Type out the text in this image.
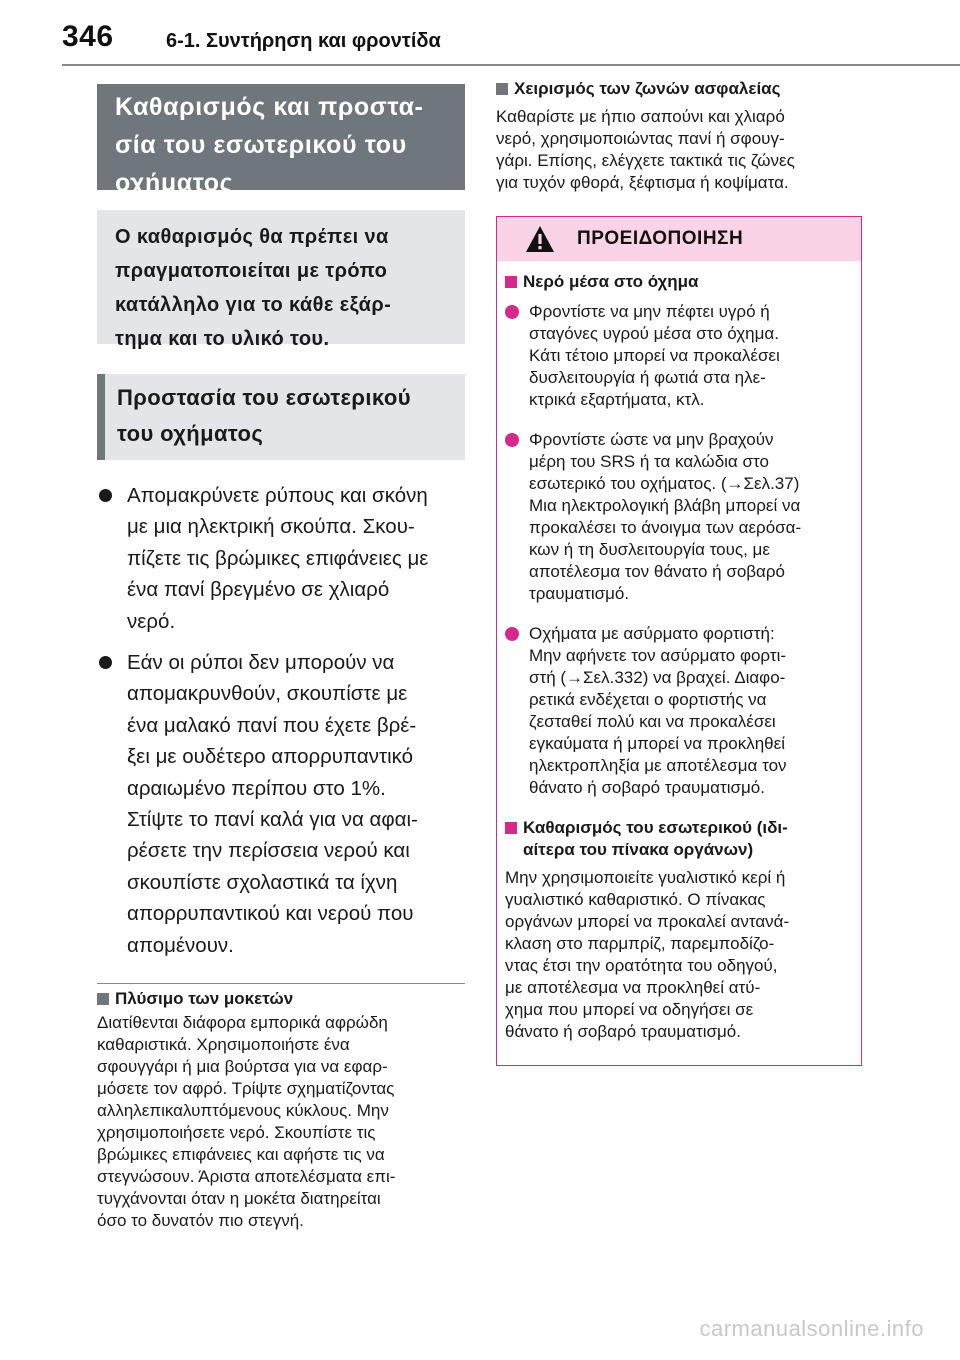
346	6-1. Συντήρηση και φροντίδα
Καθαρισμός και προστα-
σία του εσωτερικού του
οχήματος
Ο καθαρισμός θα πρέπει να
πραγματοποιείται με τρόπο
κατάλληλο για το κάθε εξάρ-
τημα και το υλικό του.
Προστασία του εσωτερικού
του οχήματος
Απομακρύνετε ρύπους και σκόνη
με μια ηλεκτρική σκούπα. Σκου-
πίζετε τις βρώμικες επιφάνειες με
ένα πανί βρεγμένο σε χλιαρό
νερό.
Εάν οι ρύποι δεν μπορούν να
απομακρυνθούν, σκουπίστε με
ένα μαλακό πανί που έχετε βρέ-
ξει με ουδέτερο απορρυπαντικό
αραιωμένο περίπου στο 1%.
Στίψτε το πανί καλά για να αφαι-
ρέσετε την περίσσεια νερού και
σκουπίστε σχολαστικά τα ίχνη
απορρυπαντικού και νερού που
απομένουν.
Πλύσιμο των μοκετών
Διατίθενται διάφορα εμπορικά αφρώδη
καθαριστικά. Χρησιμοποιήστε ένα
σφουγγάρι ή μια βούρτσα για να εφαρ-
μόσετε τον αφρό. Τρίψτε σχηματίζοντας
αλληλεπικαλυπτόμενους κύκλους. Μην
χρησιμοποιήσετε νερό. Σκουπίστε τις
βρώμικες επιφάνειες και αφήστε τις να
στεγνώσουν. Άριστα αποτελέσματα επι-
τυγχάνονται όταν η μοκέτα διατηρείται
όσο το δυνατόν πιο στεγνή.
Χειρισμός των ζωνών ασφαλείας
Καθαρίστε με ήπιο σαπούνι και χλιαρό
νερό, χρησιμοποιώντας πανί ή σφουγ-
γάρι. Επίσης, ελέγχετε τακτικά τις ζώνες
για τυχόν φθορά, ξέφτισμα ή κοψίματα.
ΠΡΟΕΙΔΟΠΟΙΗΣΗ
Νερό μέσα στο όχημα
Φροντίστε να μην πέφτει υγρό ή
σταγόνες υγρού μέσα στο όχημα.
Κάτι τέτοιο μπορεί να προκαλέσει
δυσλειτουργία ή φωτιά στα ηλε-
κτρικά εξαρτήματα, κτλ.
Φροντίστε ώστε να μην βραχούν
μέρη του SRS ή τα καλώδια στο
εσωτερικό του οχήματος. (→Σελ.37)
Μια ηλεκτρολογική βλάβη μπορεί να
προκαλέσει το άνοιγμα των αερόσα-
κων ή τη δυσλειτουργία τους, με
αποτέλεσμα τον θάνατο ή σοβαρό
τραυματισμό.
Οχήματα με ασύρματο φορτιστή:
Μην αφήνετε τον ασύρματο φορτι-
στή (→Σελ.332) να βραχεί. Διαφο-
ρετικά ενδέχεται ο φορτιστής να
ζεσταθεί πολύ και να προκαλέσει
εγκαύματα ή μπορεί να προκληθεί
ηλεκτροπληξία με αποτέλεσμα τον
θάνατο ή σοβαρό τραυματισμό.
Καθαρισμός του εσωτερικού (ιδι-
αίτερα του πίνακα οργάνων)
Μην χρησιμοποιείτε γυαλιστικό κερί ή
γυαλιστικό καθαριστικό. Ο πίνακας
οργάνων μπορεί να προκαλεί αντανά-
κλαση στο παρμπρίζ, παρεμποδίζο-
ντας έτσι την ορατότητα του οδηγού,
με αποτέλεσμα να προκληθεί ατύ-
χημα που μπορεί να οδηγήσει σε
θάνατο ή σοβαρό τραυματισμό.
carmanualsonline.info
